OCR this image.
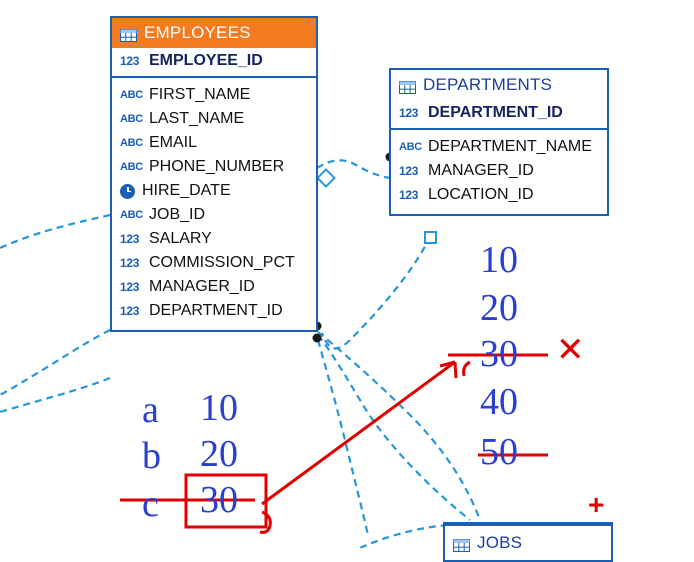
EMPLOYEES
123 EMPLOYEE_ID
ABC FIRST_NAME
ABC LAST_NAME
ABC EMAIL
ABC PHONE_NUMBER
HIRE_DATE
ABC JOB_ID
123 SALARY
123 COMMISSION_PCT
123 MANAGER_ID
123 DEPARTMENT_ID
DEPARTMENTS
123 DEPARTMENT_ID
ABC DEPARTMENT_NAME
123 MANAGER_ID
123 LOCATION_ID
JOBS
a
b
c
10
20
30
10
20
30
40
50
✕
+
